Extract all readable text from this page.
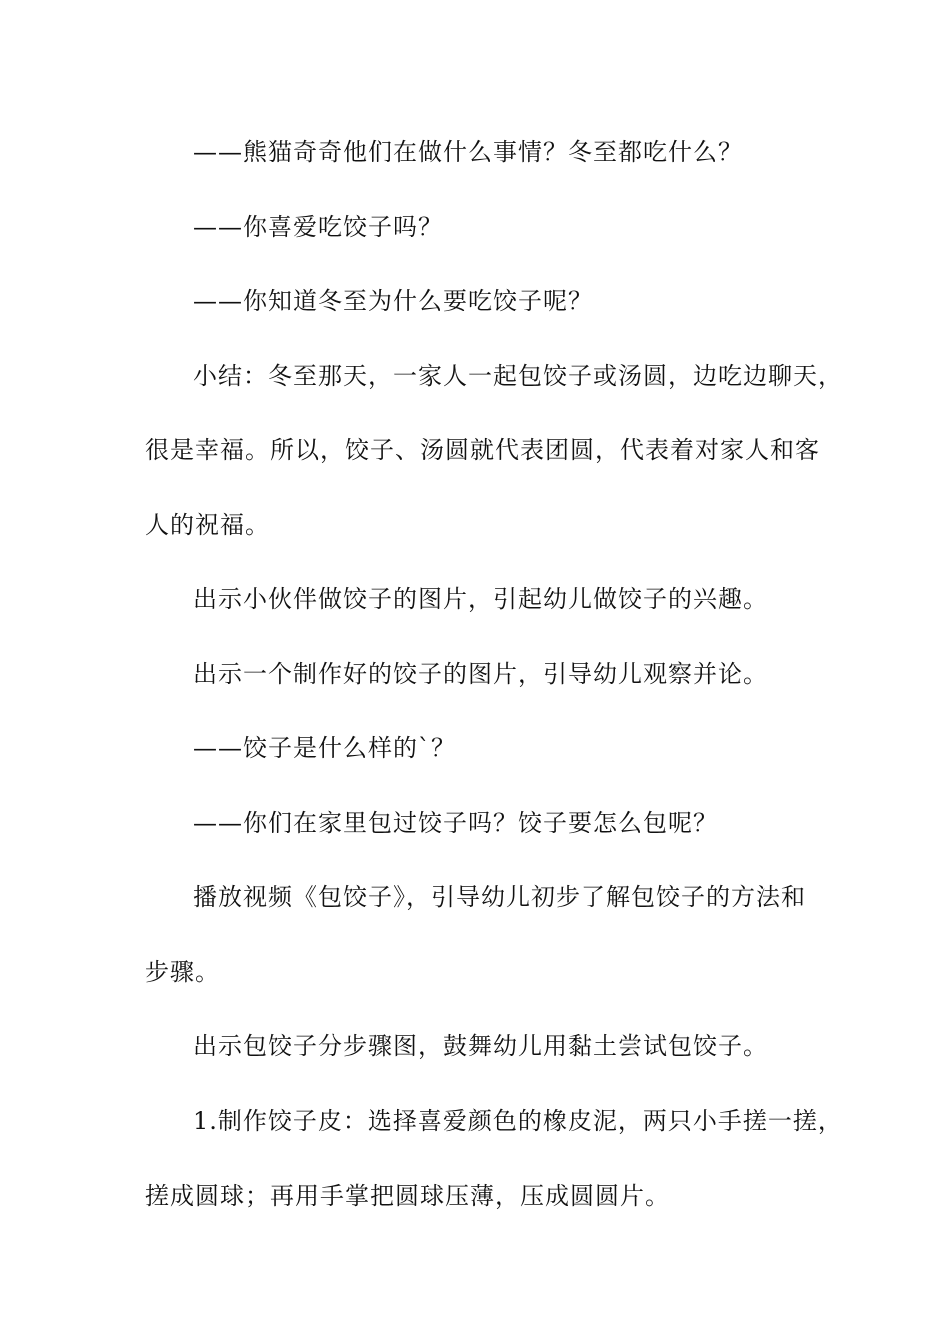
——熊猫奇奇他们在做什么事情？冬至都吃什么？
——你喜爱吃饺子吗？
——你知道冬至为什么要吃饺子呢？
小结：冬至那天，一家人一起包饺子或汤圆，边吃边聊天，
很是幸福。所以，饺子、汤圆就代表团圆，代表着对家人和客
人的祝福。
出示小伙伴做饺子的图片，引起幼儿做饺子的兴趣。
出示一个制作好的饺子的图片，引导幼儿观察并论。
——饺子是什么样的`？
——你们在家里包过饺子吗？饺子要怎么包呢？
播放视频《包饺子》，引导幼儿初步了解包饺子的方法和
步骤。
出示包饺子分步骤图，鼓舞幼儿用黏土尝试包饺子。
1.制作饺子皮：选择喜爱颜色的橡皮泥，两只小手搓一搓，
搓成圆球；再用手掌把圆球压薄，压成圆圆片。
